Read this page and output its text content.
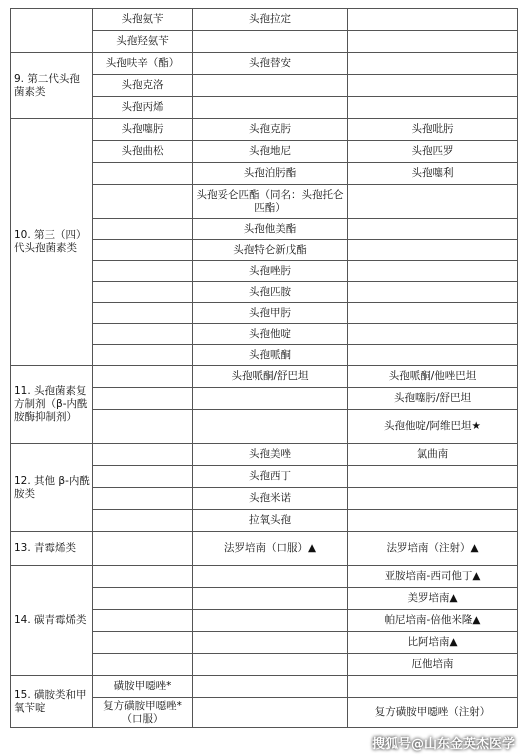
	头孢氨苄	头孢拉定	
	头孢羟氨苄		
9. 第二代头孢菌素类	头孢呋辛（酯）	头孢替安	
	头孢克洛		
	头孢丙烯		
10. 第三（四）代头孢菌素类	头孢噻肟	头孢克肟	头孢吡肟
	头孢曲松	头孢地尼	头孢匹罗
		头孢泊肟酯	头孢噻利
		头孢妥仑匹酯（同名：头孢托仑匹酯）	
		头孢他美酯	
		头孢特仑新戊酯	
		头孢唑肟	
		头孢匹胺	
		头孢甲肟	
		头孢他啶	
		头孢哌酮	
11. 头孢菌素复方制剂（β-内酰胺酶抑制剂）		头孢哌酮/舒巴坦	头孢哌酮/他唑巴坦
			头孢噻肟/舒巴坦
			头孢他啶/阿维巴坦★
12. 其他 β-内酰胺类		头孢美唑	氯曲南
		头孢西丁	
		头孢米诺	
		拉氧头孢	
13. 青霉烯类		法罗培南（口服）▲	法罗培南（注射）▲
14. 碳青霉烯类			亚胺培南-西司他丁▲
			美罗培南▲
			帕尼培南-倍他米隆▲
			比阿培南▲
			厄他培南
15. 磺胺类和甲氧苄啶	磺胺甲噁唑*		
	复方磺胺甲噁唑*（口服）		复方磺胺甲噁唑（注射）
搜狐号@山东金英杰医学
